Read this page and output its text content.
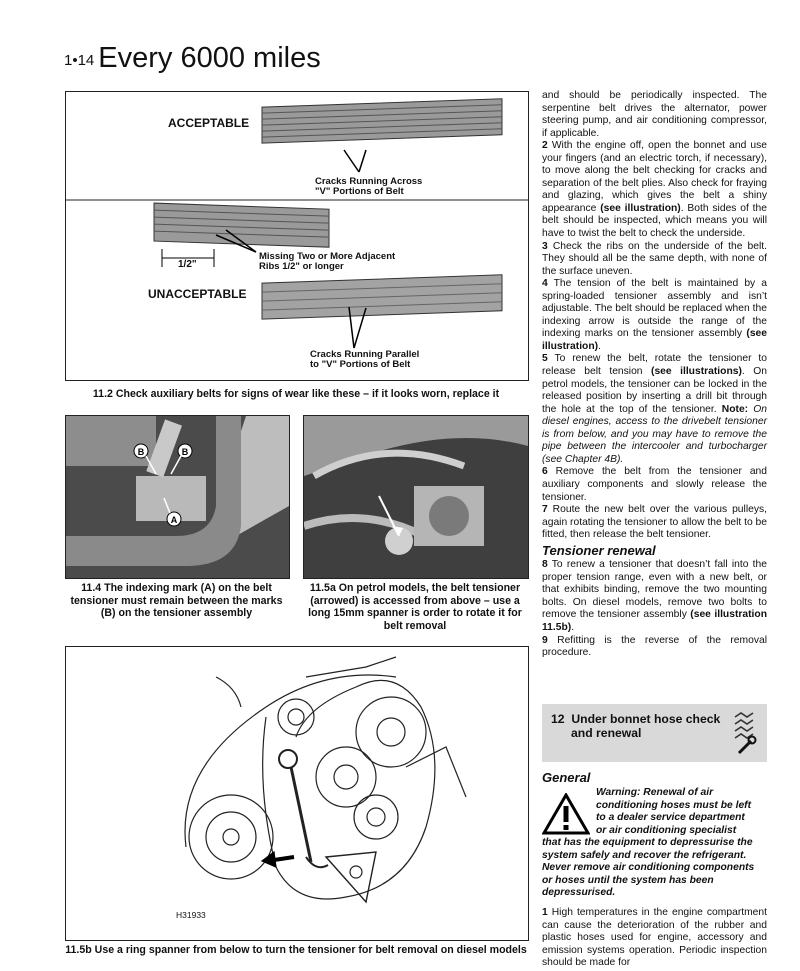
1•14 Every 6000 miles
ACCEPTABLE
Cracks Running Across
"V" Portions of Belt
Missing Two or More Adjacent
Ribs 1/2" or longer
1/2"
UNACCEPTABLE
Cracks Running Parallel
to "V" Portions of Belt
11.2 Check auxiliary belts for signs of wear like these – if it looks worn, replace it
B	B
A
11.4 The indexing mark (A) on the belt tensioner must remain between the marks (B) on the tensioner assembly
11.5a On petrol models, the belt tensioner (arrowed) is accessed from above – use a long 15mm spanner is order to rotate it for belt removal
H31933
11.5b Use a ring spanner from below to turn the tensioner for belt removal on diesel models

and should be periodically inspected. The serpentine belt drives the alternator, power steering pump, and air conditioning compressor, if applicable.

2 With the engine off, open the bonnet and use your fingers (and an electric torch, if necessary), to move along the belt checking for cracks and separation of the belt plies. Also check for fraying and glazing, which gives the belt a shiny appearance (see illustration). Both sides of the belt should be inspected, which means you will have to twist the belt to check the underside.

3 Check the ribs on the underside of the belt. They should all be the same depth, with none of the surface uneven.

4 The tension of the belt is maintained by a spring-loaded tensioner assembly and isn’t adjustable. The belt should be replaced when the indexing arrow is outside the range of the indexing marks on the tensioner assembly (see illustration).

5 To renew the belt, rotate the tensioner to release belt tension (see illustrations). On petrol models, the tensioner can be locked in the released position by inserting a drill bit through the hole at the top of the tensioner. Note: On diesel engines, access to the drivebelt tensioner is from below, and you may have to remove the pipe between the intercooler and turbocharger (see Chapter 4B).

6 Remove the belt from the tensioner and auxiliary components and slowly release the tensioner.

7 Route the new belt over the various pulleys, again rotating the tensioner to allow the belt to be fitted, then release the belt tensioner.

Tensioner renewal

8 To renew a tensioner that doesn’t fall into the proper tension range, even with a new belt, or that exhibits binding, remove the two mounting bolts. On diesel models, remove two bolts to remove the tensioner assembly (see illustration 11.5b).

9 Refitting is the reverse of the removal procedure.

12 Under bonnet hose check
and renewal
General
Warning: Renewal of air
conditioning hoses must be left
to a dealer service department
or air conditioning specialist
that has the equipment to depressurise the system safely and recover the refrigerant. Never remove air conditioning components or hoses until the system has been depressurised.

1 High temperatures in the engine compartment can cause the deterioration of the rubber and plastic hoses used for engine, accessory and emission systems operation. Periodic inspection should be made for
